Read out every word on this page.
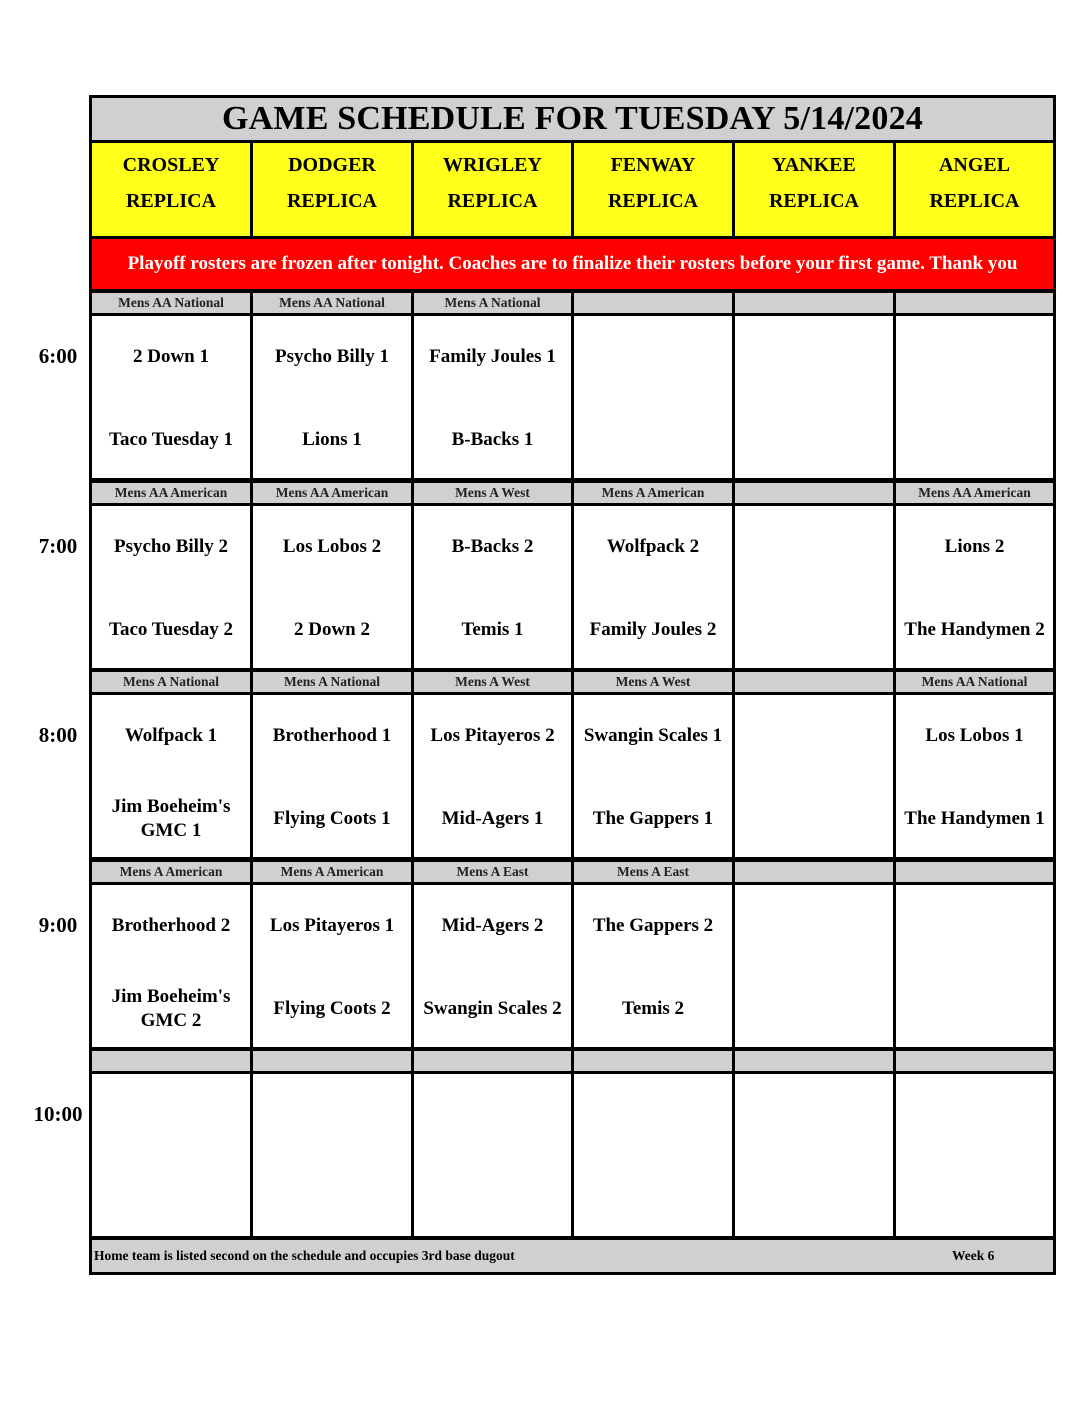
GAME SCHEDULE FOR TUESDAY 5/14/2024
CROSLEY
REPLICA
DODGER
REPLICA
WRIGLEY
REPLICA
FENWAY
REPLICA
YANKEE
REPLICA
ANGEL
REPLICA
Playoff rosters are frozen after tonight. Coaches are to finalize their rosters before your first game. Thank you
Mens AA National
2 Down 1
Taco Tuesday 1
Mens AA National
Psycho Billy 1
Lions 1
Mens A National
Family Joules 1
B-Backs 1
Mens AA American
Psycho Billy 2
Taco Tuesday 2
Mens AA American
Los Lobos 2
2 Down 2
Mens A West
B-Backs 2
Temis 1
Mens A American
Wolfpack 2
Family Joules 2
Mens AA American
Lions 2
The Handymen 2
Mens A National
Wolfpack 1
Jim Boeheim's GMC 1
Mens A National
Brotherhood 1
Flying Coots 1
Mens A West
Los Pitayeros 2
Mid-Agers 1
Mens A West
Swangin Scales 1
The Gappers 1
Mens AA National
Los Lobos 1
The Handymen 1
Mens A American
Brotherhood 2
Jim Boeheim's GMC 2
Mens A American
Los Pitayeros 1
Flying Coots 2
Mens A East
Mid-Agers 2
Swangin Scales 2
Mens A East
The Gappers 2
Temis 2
Home team is listed second on the schedule and occupies 3rd base dugout	Week 6
6:00
7:00
8:00
9:00
10:00
